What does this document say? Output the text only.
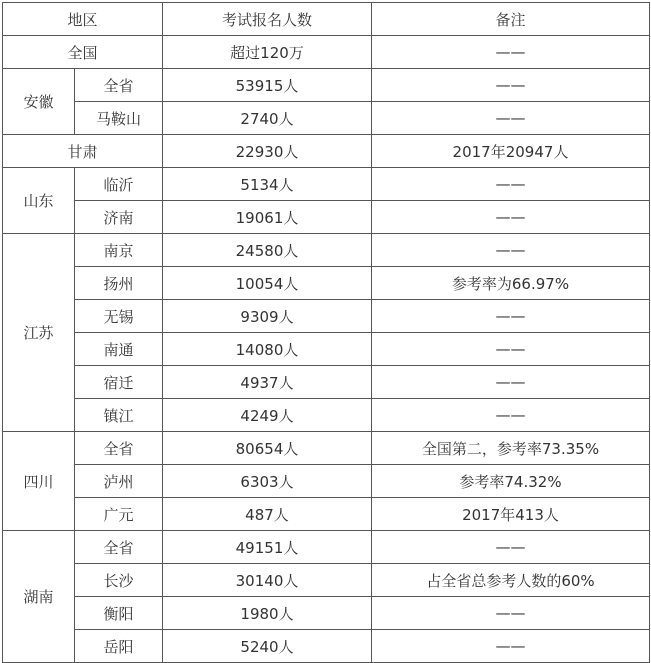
地区		考试报名人数	备注
全国		超过120万	——
安徽	全省	53915人	——
	马鞍山	2740人	——
甘肃		22930人	2017年20947人
山东	临沂	5134人	——
	济南	19061人	——
江苏	南京	24580人	——
	扬州	10054人	参考率为66.97%
	无锡	9309人	——
	南通	14080人	——
	宿迁	4937人	——
	镇江	4249人	——
四川	全省	80654人	全国第二，参考率73.35%
	泸州	6303人	参考率74.32%
	广元	487人	2017年413人
湖南	全省	49151人	——
	长沙	30140人	占全省总参考人数的60%
	衡阳	1980人	——
	岳阳	5240人	——
